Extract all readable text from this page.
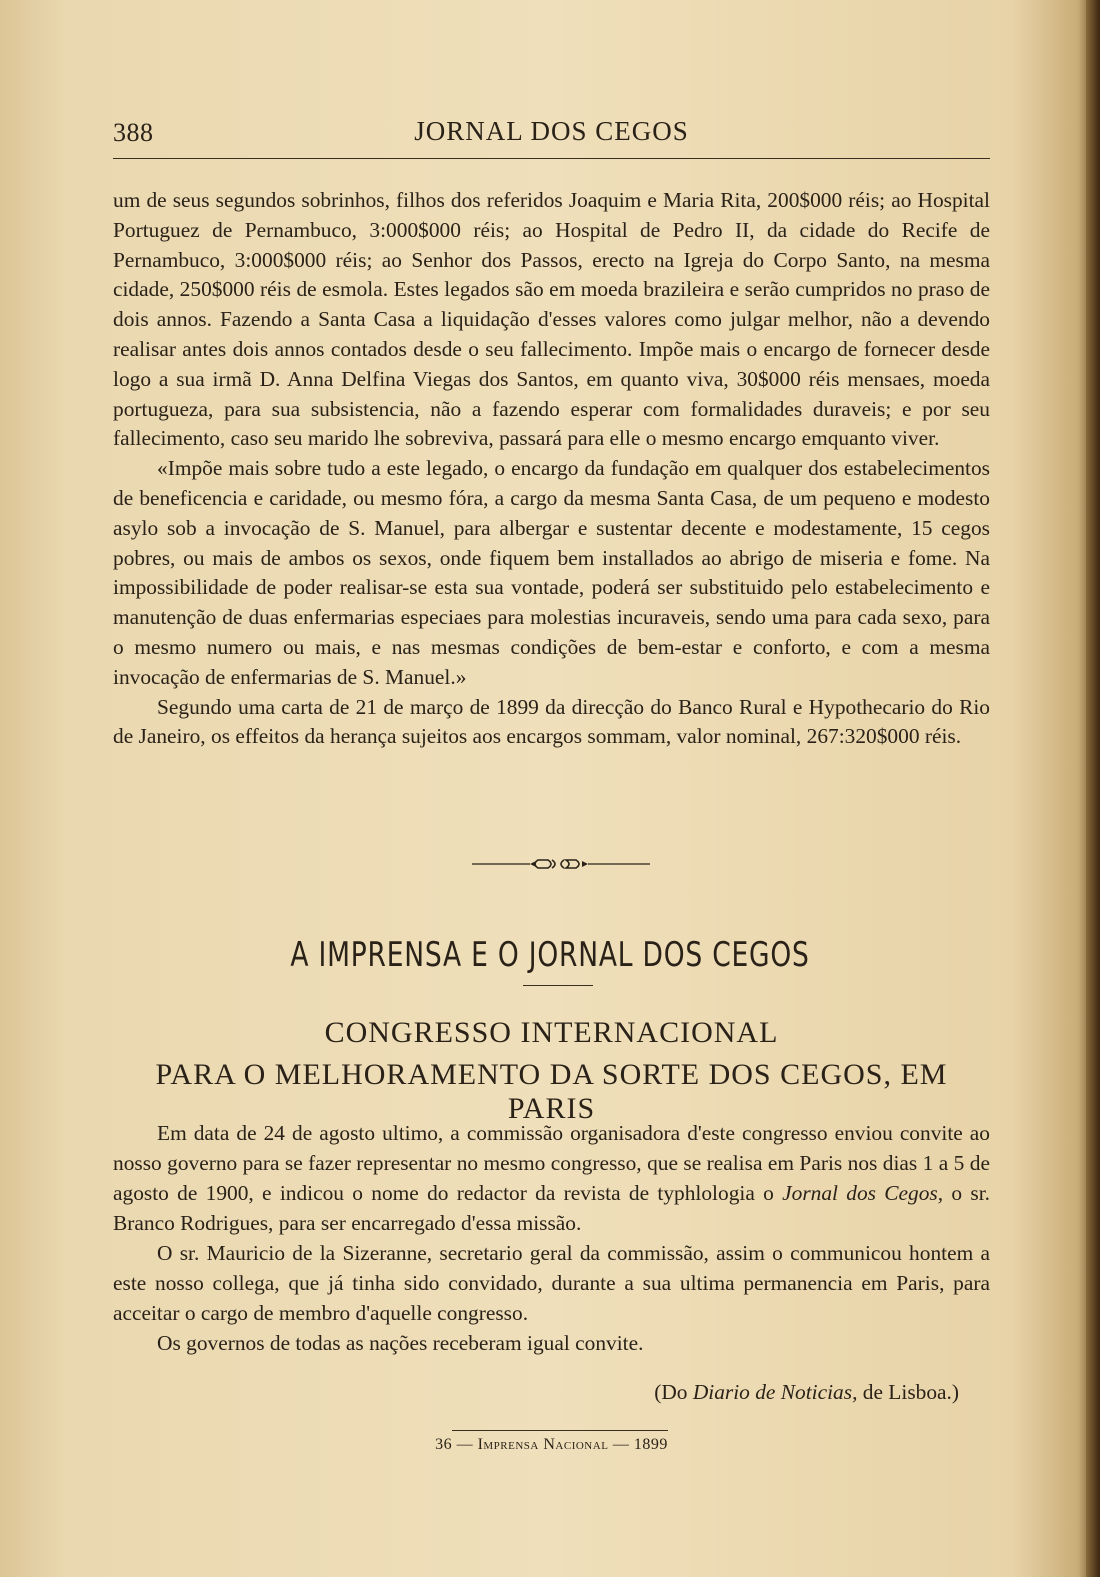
388	JORNAL DOS CEGOS

um de seus segundos sobrinhos, filhos dos referidos Joaquim e Maria Rita, 200$000 réis; ao Hospital Portuguez de Pernambuco, 3:000$000 réis; ao Hospital de Pedro II, da cidade do Recife de Pernambuco, 3:000$000 réis; ao Senhor dos Passos, erecto na Igreja do Corpo Santo, na mesma cidade, 250$000 réis de esmola. Estes legados são em moeda brazileira e serão cumpridos no praso de dois annos. Fazendo a Santa Casa a liquidação d'esses valores como julgar melhor, não a devendo realisar antes dois annos contados desde o seu fallecimento. Impõe mais o encargo de fornecer desde logo a sua irmã D. Anna Delfina Viegas dos Santos, em quanto viva, 30$000 réis mensaes, moeda portugueza, para sua subsistencia, não a fazendo esperar com formalidades duraveis; e por seu fallecimento, caso seu marido lhe sobreviva, passará para elle o mesmo encargo emquanto viver.

«Impõe mais sobre tudo a este legado, o encargo da fundação em qualquer dos estabelecimentos de beneficencia e caridade, ou mesmo fóra, a cargo da mesma Santa Casa, de um pequeno e modesto asylo sob a invocação de S. Manuel, para albergar e sustentar decente e modestamente, 15 cegos pobres, ou mais de ambos os sexos, onde fiquem bem installados ao abrigo de miseria e fome. Na impossibilidade de poder realisar-se esta sua vontade, poderá ser substituido pelo estabelecimento e manutenção de duas enfermarias especiaes para molestias incuraveis, sendo uma para cada sexo, para o mesmo numero ou mais, e nas mesmas condições de bem-estar e conforto, e com a mesma invocação de enfermarias de S. Manuel.»

Segundo uma carta de 21 de março de 1899 da direcção do Banco Rural e Hypothecario do Rio de Janeiro, os effeitos da herança sujeitos aos encargos sommam, valor nominal, 267:320$000 réis.

A IMPRENSA E O JORNAL DOS CEGOS
CONGRESSO INTERNACIONAL
PARA O MELHORAMENTO DA SORTE DOS CEGOS, EM PARIS

Em data de 24 de agosto ultimo, a commissão organisadora d'este congresso enviou convite ao nosso governo para se fazer representar no mesmo congresso, que se realisa em Paris nos dias 1 a 5 de agosto de 1900, e indicou o nome do redactor da revista de typhlologia o Jornal dos Cegos, o sr. Branco Rodrigues, para ser encarregado d'essa missão.

O sr. Mauricio de la Sizeranne, secretario geral da commissão, assim o communicou hontem a este nosso collega, que já tinha sido convidado, durante a sua ultima permanencia em Paris, para acceitar o cargo de membro d'aquelle congresso.

Os governos de todas as nações receberam igual convite.

(Do Diario de Noticias, de Lisboa.)
36 — Imprensa Nacional — 1899
